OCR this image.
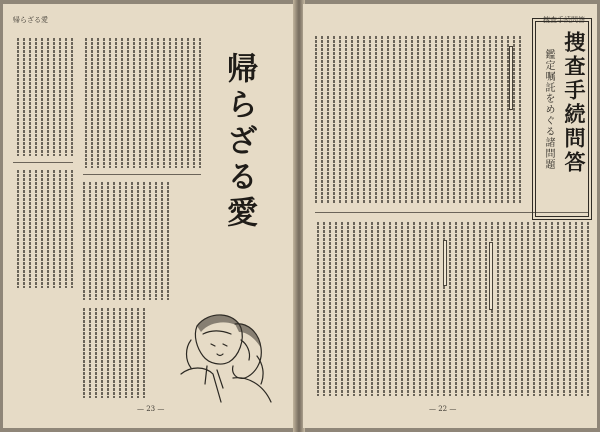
帰らざる愛
帰らざる愛
— 23 —
捜査手続問答
捜査手続問答
鑑定嘱託をめぐる諸問題
— 22 —
